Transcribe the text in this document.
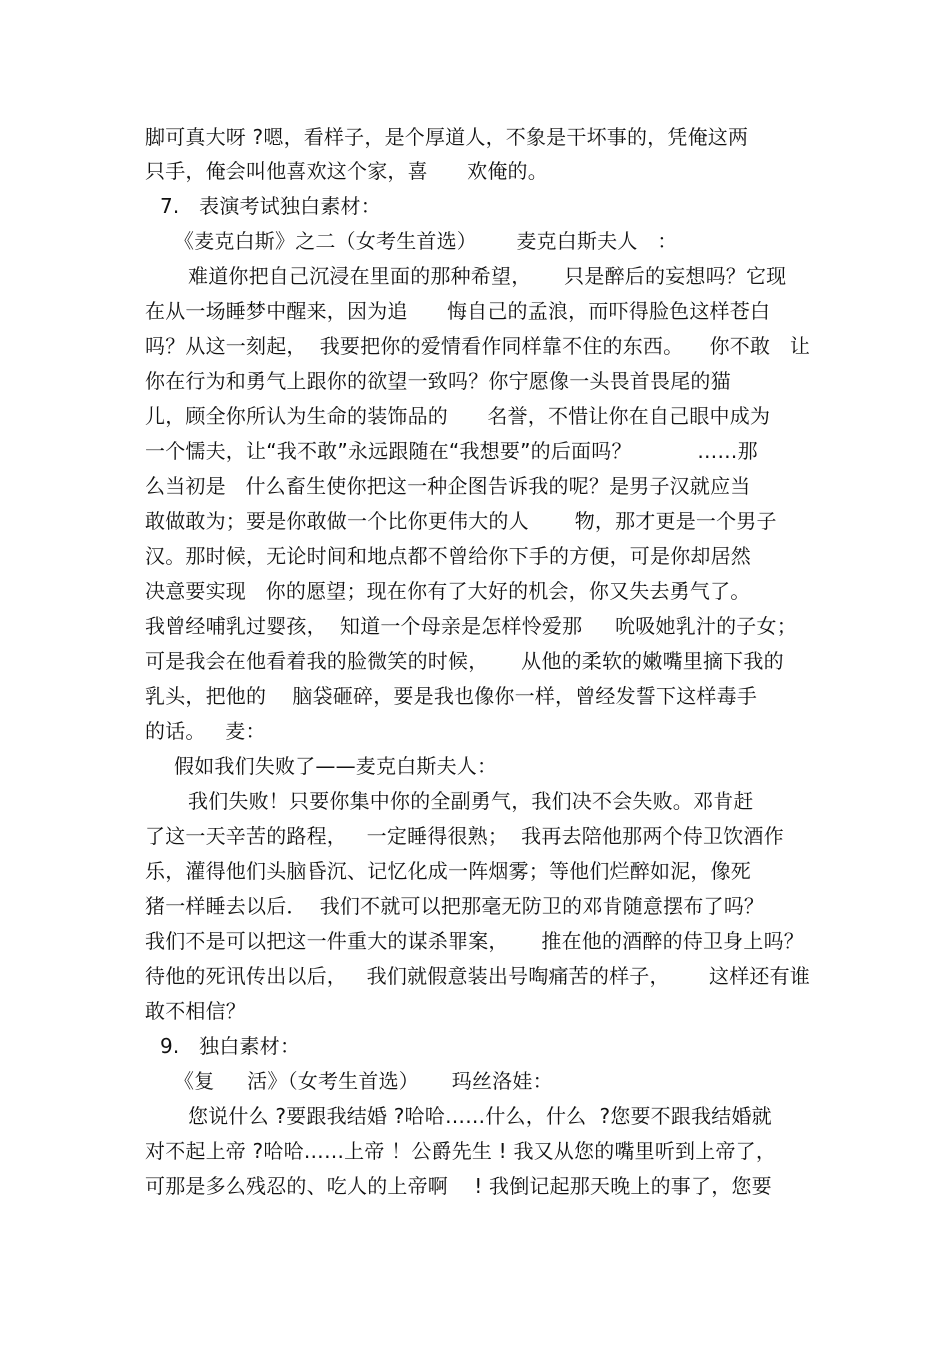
脚可真大呀 ?嗯，看样子，是个厚道人，不象是干坏事的，凭俺这两
只手，俺会叫他喜欢这个家，喜      欢俺的。
7.   表演考试独白素材：
《麦克白斯》之二（女考生首选）      麦克白斯夫人   ：
难道你把自己沉浸在里面的那种希望，     只是醉后的妄想吗？它现
在从一场睡梦中醒来，因为追      悔自己的孟浪，而吓得脸色这样苍白
吗？从这一刻起，  我要把你的爱情看作同样靠不住的东西。    你不敢   让
你在行为和勇气上跟你的欲望一致吗？你宁愿像一头畏首畏尾的猫
儿，顾全你所认为生命的装饰品的      名誉，不惜让你在自己眼中成为
一个懦夫，让“我不敢”永远跟随在“我想要”的后面吗？          ……那
么当初是   什么畜生使你把这一种企图告诉我的呢？是男子汉就应当
敢做敢为；要是你敢做一个比你更伟大的人       物，那才更是一个男子
汉。那时候，无论时间和地点都不曾给你下手的方便，可是你却居然
决意要实现   你的愿望；现在你有了大好的机会，你又失去勇气了。
我曾经哺乳过婴孩，  知道一个母亲是怎样怜爱那     吮吸她乳汁的子女；
可是我会在他看着我的脸微笑的时候，     从他的柔软的嫩嘴里摘下我的
乳头，把他的    脑袋砸碎，要是我也像你一样，曾经发誓下这样毒手
的话。   麦：
假如我们失败了——麦克白斯夫人：
我们失败！只要你集中你的全副勇气，我们决不会失败。邓肯赶
了这一天辛苦的路程，   一定睡得很熟；  我再去陪他那两个侍卫饮酒作
乐，灌得他们头脑昏沉、记忆化成一阵烟雾；等他们烂醉如泥，像死
猪一样睡去以后．  我们不就可以把那毫无防卫的邓肯随意摆布了吗？
我们不是可以把这一件重大的谋杀罪案，     推在他的酒醉的侍卫身上吗？
待他的死讯传出以后，   我们就假意装出号啕痛苦的样子，      这样还有谁
敢不相信？
9.   独白素材：
《复     活》（女考生首选）     玛丝洛娃：
您说什么 ?要跟我结婚 ?哈哈……什么，什么  ?您要不跟我结婚就
对不起上帝 ?哈哈……上帝 ！公爵先生 ! 我又从您的嘴里听到上帝了，
可那是多么残忍的、吃人的上帝啊    ! 我倒记起那天晚上的事了，您要
